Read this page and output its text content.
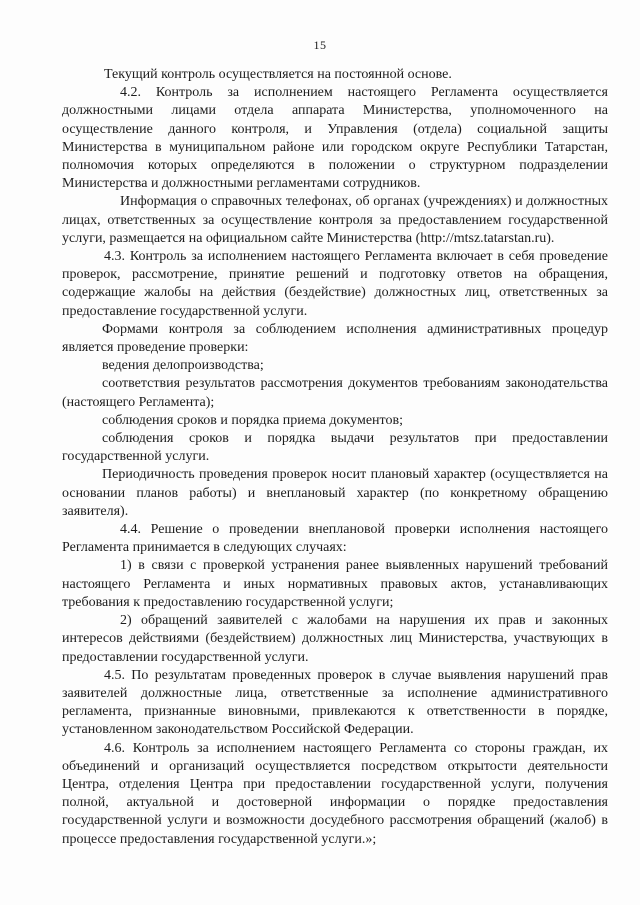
15

Текущий контроль осуществляется на постоянной основе.

4.2. Контроль за исполнением настоящего Регламента осуществляется должностными лицами отдела аппарата Министерства, уполномоченного на осуществление данного контроля, и Управления (отдела) социальной защиты Министерства в муниципальном районе или городском округе Республики Татарстан, полномочия которых определяются в положении о структурном подразделении Министерства и должностными регламентами сотрудников.

Информация о справочных телефонах, об органах (учреждениях) и должностных лицах, ответственных за осуществление контроля за предоставлением государственной услуги, размещается на официальном сайте Министерства (http://mtsz.tatarstan.ru).

4.3. Контроль за исполнением настоящего Регламента включает в себя проведение проверок, рассмотрение, принятие решений и подготовку ответов на обращения, содержащие жалобы на действия (бездействие) должностных лиц, ответственных за предоставление государственной услуги.

Формами контроля за соблюдением исполнения административных процедур является проведение проверки:

ведения делопроизводства;

соответствия результатов рассмотрения документов требованиям законодательства (настоящего Регламента);

соблюдения сроков и порядка приема документов;

соблюдения сроков и порядка выдачи результатов при предоставлении государственной услуги.

Периодичность проведения проверок носит плановый характер (осуществляется на основании планов работы) и внеплановый характер (по конкретному обращению заявителя).

4.4. Решение о проведении внеплановой проверки исполнения настоящего Регламента принимается в следующих случаях:

1) в связи с проверкой устранения ранее выявленных нарушений требований настоящего Регламента и иных нормативных правовых актов, устанавливающих требования к предоставлению государственной услуги;

2) обращений заявителей с жалобами на нарушения их прав и законных интересов действиями (бездействием) должностных лиц Министерства, участвующих в предоставлении государственной услуги.

4.5. По результатам проведенных проверок в случае выявления нарушений прав заявителей должностные лица, ответственные за исполнение административного регламента, признанные виновными, привлекаются к ответственности в порядке, установленном законодательством Российской Федерации.

4.6. Контроль за исполнением настоящего Регламента со стороны граждан, их объединений и организаций осуществляется посредством открытости деятельности Центра, отделения Центра при предоставлении государственной услуги, получения полной, актуальной и достоверной информации о порядке предоставления государственной услуги и возможности досудебного рассмотрения обращений (жалоб) в процессе предоставления государственной услуги.»;
